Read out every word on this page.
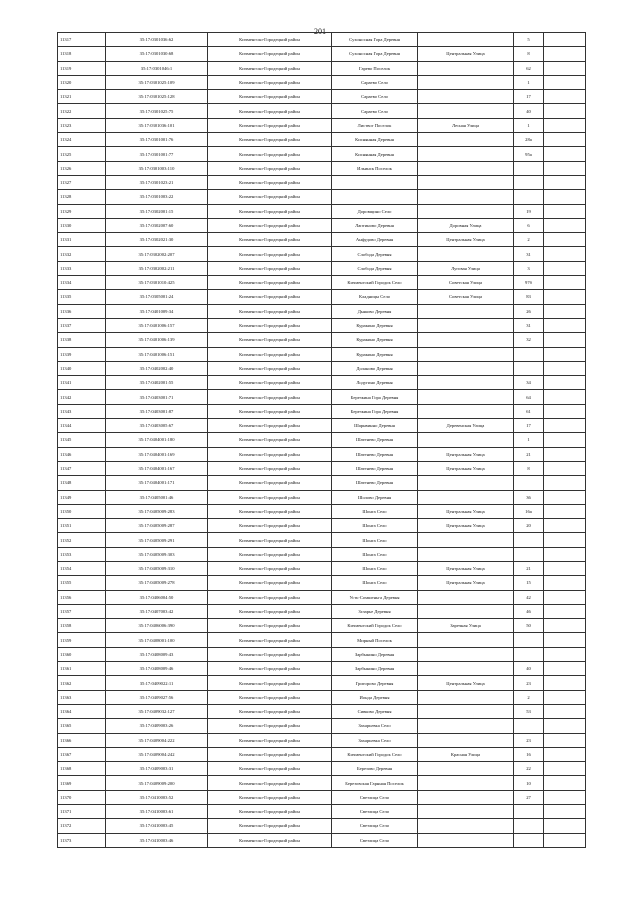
201
11317	35:17:0301036:62	Кичменгско-Городецкий район	Сухоносная Гора Деревня		5	
11318	35:17:0301030:68	Кичменгско-Городецкий район	Сухоносная Гора Деревня	Центральная Улица	8	
11319	35:17:0301046:1	Кичменгско-Городецкий район	Гарево Поселок		62	
11320	35:17:0301025:109	Кичменгско-Городецкий район	Сараево Село		1	
11321	35:17:0301025:128	Кичменгско-Городецкий район	Сараево Село		17	
11322	35:17:0301025:75	Кичменгско-Городецкий район	Сараево Село		40	
11323	35:17:0301036:101	Кичменгско-Городецкий район	Листвог Поселок	Лесная Улица	1	
11324	35:17:0301001:76	Кичменгско-Городецкий район	Киснянная Деревня		28а	
11325	35:17:0301001:77	Кичменгско-Городецкий район	Киснянная Деревня		95а	
11326	35:17:0301003:110	Кичменгско-Городецкий район	Ильинск Поселок			
11327	35:17:0301023:21	Кичменгско-Городецкий район				
11328	35:17:0301003:22	Кичменгско-Городецкий район				
11329	35:17:0302001:15	Кичменгско-Городецкий район	Доровщино Село		19	
11330	35:17:0302007:60	Кичменгско-Городецкий район	Лаптиново Деревня	Доровная Улица	6	
11331	35:17:0302021:30	Кичменгско-Городецкий район	Анфудово Деревня	Центральная Улица	2	
11332	35:17:0302002:207	Кичменгско-Городецкий район	Слобода Деревня		31	
11333	35:17:0302002:211	Кичменгско-Городецкий район	Слобода Деревня	Луговая Улица	3	
11334	35:17:0301010:425	Кичменгско-Городецкий район	Кичменгский Городок Село	Советская Улица	97б	
11335	35:17:0305001:24	Кичменгско-Городецкий район	Кладницы Село	Советская Улица	83	
11336	35:17:0401009:34	Кичменгско-Городецкий район	Дьяково Деревня		26	
11337	35:17:0401006:157	Кичменгско-Городецкий район	Куракино Деревня		31	
11338	35:17:0401006:139	Кичменгско-Городецкий район	Куракино Деревня		32	
11339	35:17:0401006:151	Кичменгско-Городецкий район	Куракино Деревня			
11340	35:17:0402002:40	Кичменгско-Городецкий район	Доланово Деревня			
11341	35:17:0402001:55	Кичменгско-Городецкий район	Лодугино Деревня		34	
11342	35:17:0403001:71	Кичменгско-Городецкий район	Березкина Гора Деревня		64	
11343	35:17:0403001:87	Кичменгско-Городецкий район	Березкина Гора Деревня		61	
11344	35:17:0403005:67	Кичменгско-Городецкий район	Шарнвинно Деревня	Деревенская Улица	17	
11345	35:17:0404001:180	Кичменгско-Городецкий район	Шатенево Деревня		1	
11346	35:17:0404001:169	Кичменгско-Городецкий район	Шатенево Деревня	Центральная Улица	21	
11347	35:17:0404001:167	Кичменгско-Городецкий район	Шатенево Деревня	Центральная Улица	8	
11348	35:17:0404001:171	Кичменгско-Городецкий район	Шатенево Деревня			
11349	35:17:0405001:46	Кичменгско-Городецкий район	Шолово Деревня		36	
11350	35:17:0405009:283	Кичменгско-Городецкий район	Шонга Село	Центральная Улица	16а	
11351	35:17:0405009:287	Кичменгско-Городецкий район	Шонга Село	Центральная Улица	20	
11352	35:17:0405009:291	Кичменгско-Городецкий район	Шонга Село			
11353	35:17:0405009:303	Кичменгско-Городецкий район	Шонга Село			
11354	35:17:0405009:310	Кичменгско-Городецкий район	Шонга Село	Центральная Улица	21	
11355	35:17:0405009:278	Кичменгско-Городецкий район	Шонга Село	Центральная Улица	15	
11356	35:17:0406004:50	Кичменгско-Городецкий район	Усть-Сомшеньга Деревня		42	
11357	35:17:0407003:42	Кичменгско-Городецкий район	Згларье Деревня		46	
11358	35:17:0406006:390	Кичменгско-Городецкий район	Кичменгский Городок Село	Заречная Улица	50	
11359	35:17:0408001:100	Кичменгско-Городецкий район	Мирный Поселок			
11360	35:17:0408009:43	Кичменгско-Городецкий район	Зарбынино Деревня			
11361	35:17:0408009:46	Кичменгско-Городецкий район	Зарбынино Деревня		40	
11362	35:17:0409022:11	Кичменгско-Городецкий район	Григорово Деревня	Центральная Улица	23	
11363	35:17:0409027:56	Кичменгско-Городецкий район	Ионда Деревня		2	
11364	35:17:0409032:127	Кичменгско-Городецкий район	Сивково Деревня		53	
11365	35:17:0409003:26	Кичменгско-Городецкий район	Захарьевка Село			
11366	35:17:0409004:222	Кичменгско-Городецкий район	Захарьевка Село		23	
11367	35:17:0409004:242	Кичменгско-Городецкий район	Кичменгский Городок Село	Красная Улица	16	
11368	35:17:0409003:31	Кичменгско-Городецкий район	Березово Деревня		22	
11369	35:17:0409009:200	Кичменгско-Городецкий район	Березовская Гарнная Поселок		10	
11370	35:17:0410003:52	Кичменгско-Городецкий район	Светлица Село		27	
11371	35:17:0410003:61	Кичменгско-Городецкий район	Светлица Село			
11372	35:17:0410003:45	Кичменгско-Городецкий район	Светлица Село			
11373	35:17:0410003:46	Кичменгско-Городецкий район	Светлица Село			
